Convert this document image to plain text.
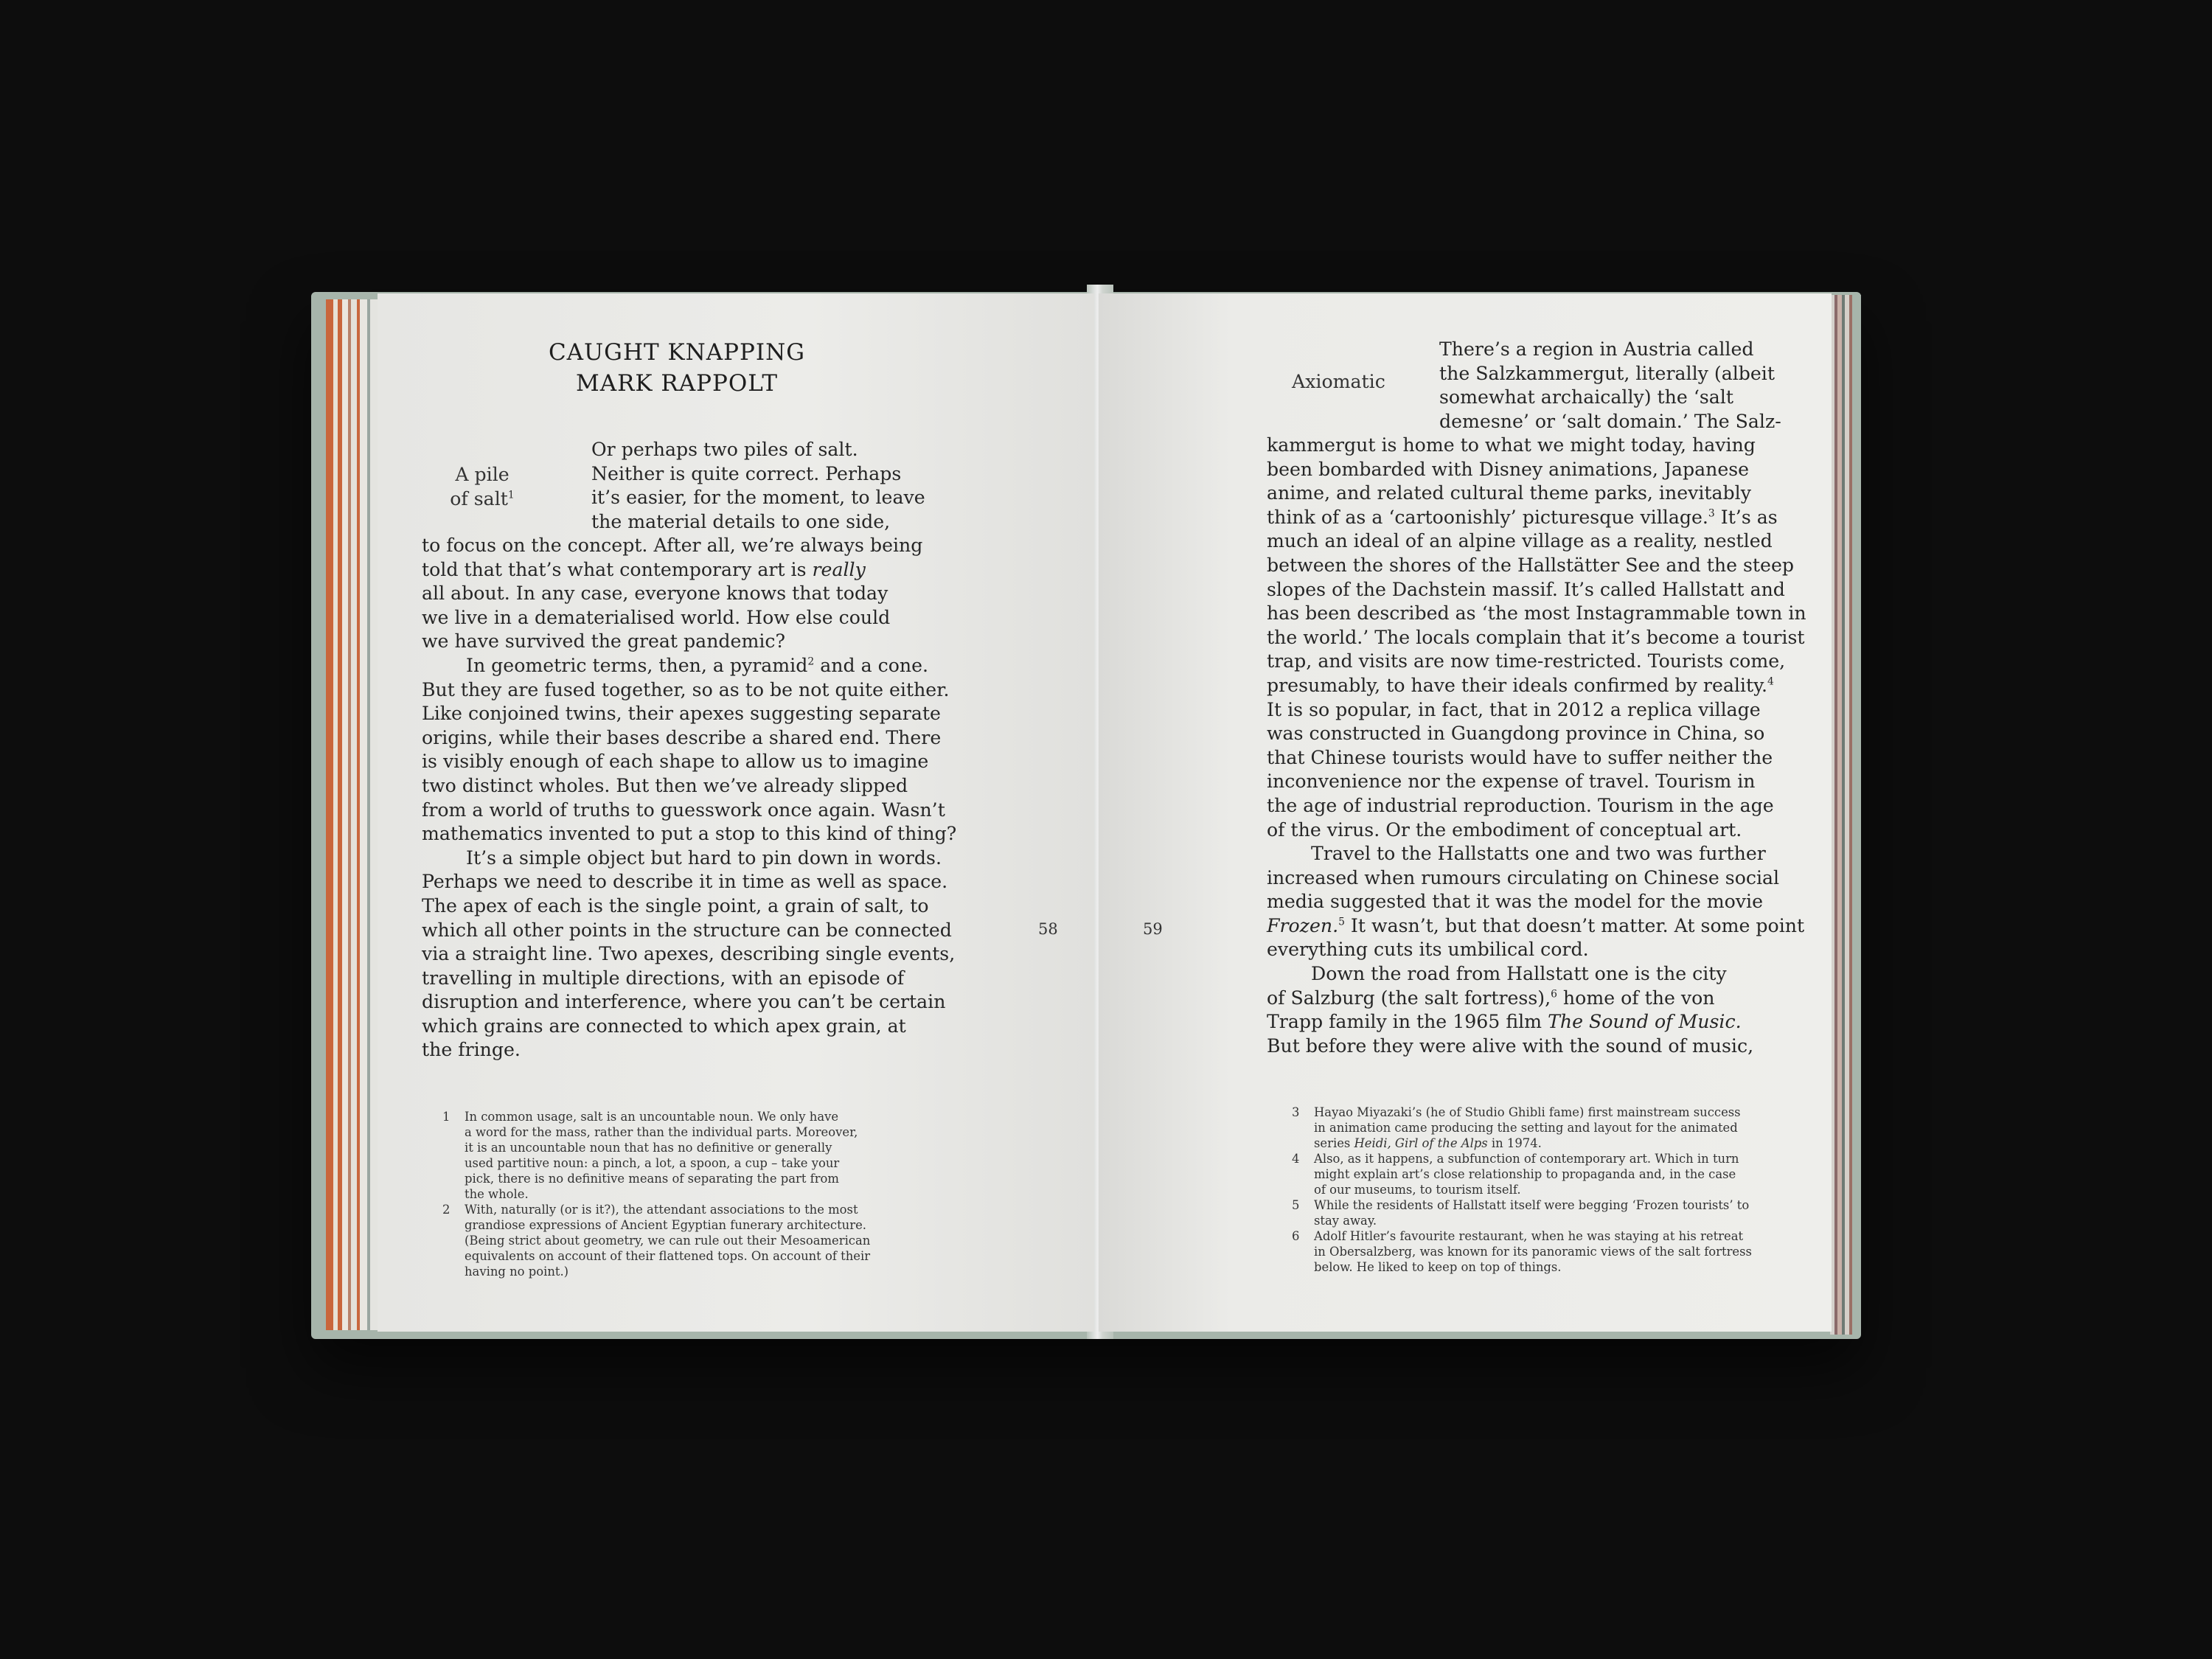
CAUGHT KNAPPING
MARK RAPPOLT
A pile
of salt$^1$
Or perhaps two piles of salt.
Neither is quite correct. Perhaps
it’s easier, for the moment, to leave
the material details to one side,
to focus on the concept. After all, we’re always being
told that that’s what contemporary art is really
all about. In any case, everyone knows that today
we live in a dematerialised world. How else could
we have survived the great pandemic?
In geometric terms, then, a pyramid$^2$ and a cone.
But they are fused together, so as to be not quite either.
Like conjoined twins, their apexes suggesting separate
origins, while their bases describe a shared end. There
is visibly enough of each shape to allow us to imagine
two distinct wholes. But then we’ve already slipped
from a world of truths to guesswork once again. Wasn’t
mathematics invented to put a stop to this kind of thing?
It’s a simple object but hard to pin down in words.
Perhaps we need to describe it in time as well as space.
The apex of each is the single point, a grain of salt, to
which all other points in the structure can be connected
via a straight line. Two apexes, describing single events,
travelling in multiple directions, with an episode of
disruption and interference, where you can’t be certain
which grains are connected to which apex grain, at
the fringe.
58
1 In common usage, salt is an uncountable noun. We only have
a word for the mass, rather than the individual parts. Moreover,
it is an uncountable noun that has no definitive or generally
used partitive noun: a pinch, a lot, a spoon, a cup – take your
pick, there is no definitive means of separating the part from
the whole.
2 With, naturally (or is it?), the attendant associations to the most
grandiose expressions of Ancient Egyptian funerary architecture.
(Being strict about geometry, we can rule out their Mesoamerican
equivalents on account of their flattened tops. On account of their
having no point.)
59
Axiomatic
There’s a region in Austria called
the Salzkammergut, literally (albeit
somewhat archaically) the ‘salt
demesne’ or ‘salt domain.’ The Salz-
kammergut is home to what we might today, having
been bombarded with Disney animations, Japanese
anime, and related cultural theme parks, inevitably
think of as a ‘cartoonishly’ picturesque village.$^3$ It’s as
much an ideal of an alpine village as a reality, nestled
between the shores of the Hallstätter See and the steep
slopes of the Dachstein massif. It’s called Hallstatt and
has been described as ‘the most Instagrammable town in
the world.’ The locals complain that it’s become a tourist
trap, and visits are now time-restricted. Tourists come,
presumably, to have their ideals confirmed by reality.$^4$
It is so popular, in fact, that in 2012 a replica village
was constructed in Guangdong province in China, so
that Chinese tourists would have to suffer neither the
inconvenience nor the expense of travel. Tourism in
the age of industrial reproduction. Tourism in the age
of the virus. Or the embodiment of conceptual art.
Travel to the Hallstatts one and two was further
increased when rumours circulating on Chinese social
media suggested that it was the model for the movie
Frozen.$^5$ It wasn’t, but that doesn’t matter. At some point
everything cuts its umbilical cord.
Down the road from Hallstatt one is the city
of Salzburg (the salt fortress),$^6$ home of the von
Trapp family in the 1965 film The Sound of Music.
But before they were alive with the sound of music,
3 Hayao Miyazaki’s (he of Studio Ghibli fame) first mainstream success
in animation came producing the setting and layout for the animated
series Heidi, Girl of the Alps in 1974.
4 Also, as it happens, a subfunction of contemporary art. Which in turn
might explain art’s close relationship to propaganda and, in the case
of our museums, to tourism itself.
5 While the residents of Hallstatt itself were begging ‘Frozen tourists’ to
stay away.
6 Adolf Hitler’s favourite restaurant, when he was staying at his retreat
in Obersalzberg, was known for its panoramic views of the salt fortress
below. He liked to keep on top of things.
